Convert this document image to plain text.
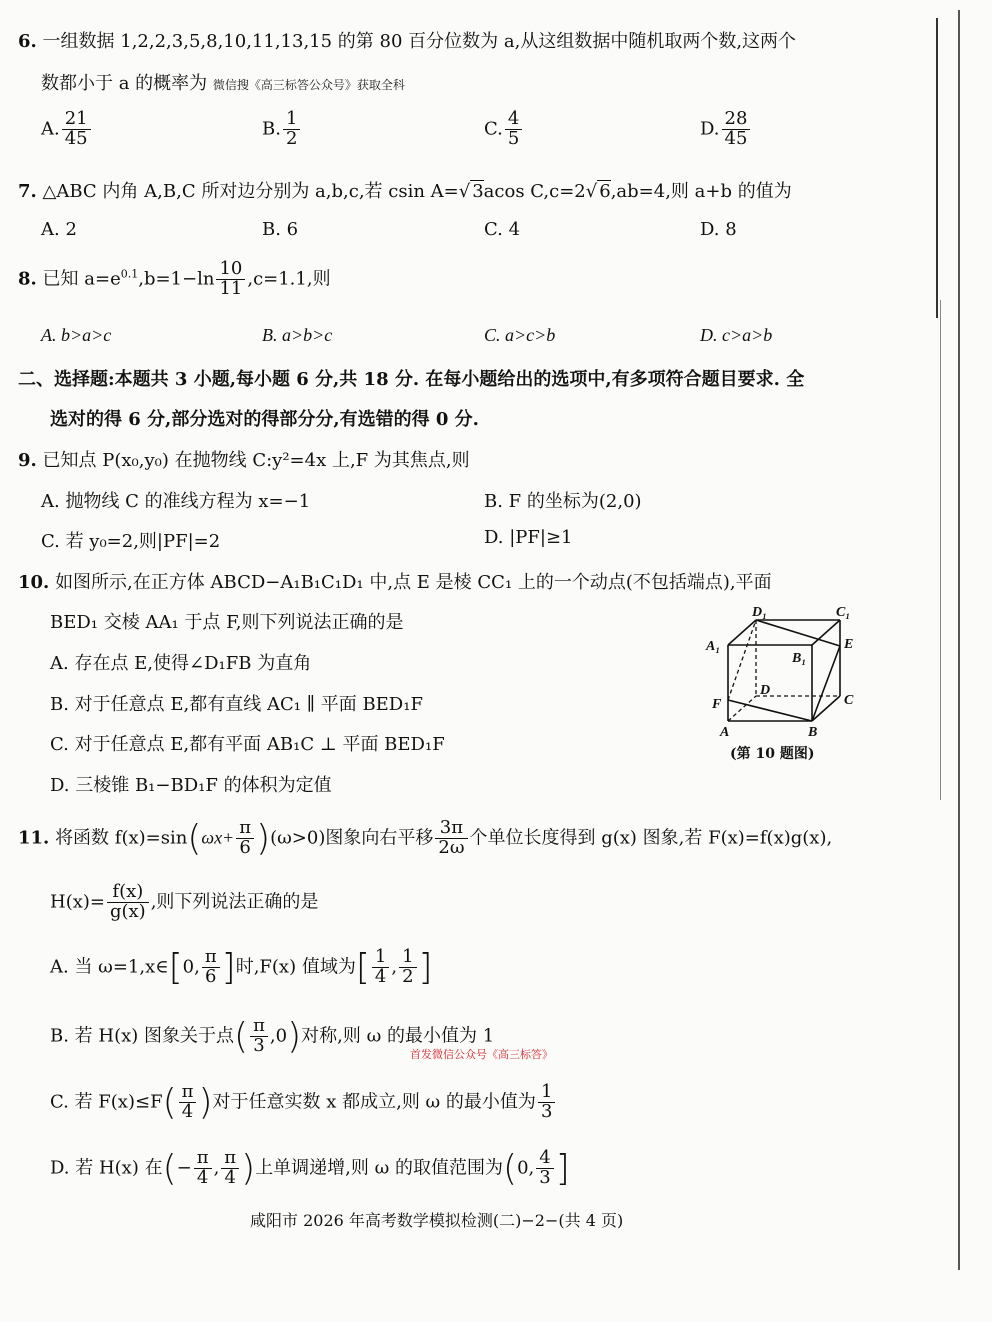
6. 一组数据 1,2,2,3,5,8,10,11,13,15 的第 80 百分位数为 a,从这组数据中随机取两个数,这两个
数都小于 a 的概率为 微信搜《高三标答公众号》获取全科
A. $\frac{21}{45}$	B. $\frac{1}{2}$	C. $\frac{4}{5}$	D. $\frac{28}{45}$
7. △ABC 内角 A,B,C 所对边分别为 a,b,c,若 csin A=√ 3acos C,c=2√ 6,ab=4,则 a+b 的值为
A. 2	B. 6	C. 4	D. 8
8. 已知 $a=e^{0.1},b=1-\ln \frac{10}{11} ,c=1.1$,则
A. b>a>c	B. a>b>c	C. a>c>b	D. c>a>b
二、选择题:本题共 3 小题,每小题 6 分,共 18 分. 在每小题给出的选项中,有多项符合题目要求. 全
选对的得 6 分,部分选对的得部分分,有选错的得 0 分.
9. 已知点 P(x₀,y₀) 在抛物线 C:y²=4x 上,F 为其焦点,则
A. 抛物线 C 的准线方程为 x=−1	B. F 的坐标为(2,0)
C. 若 y₀=2,则|PF|=2	D. |PF|≥1
10. 如图所示,在正方体 ABCD−A₁B₁C₁D₁ 中,点 E 是棱 CC₁ 上的一个动点(不包括端点),平面
BED₁ 交棱 AA₁ 于点 F,则下列说法正确的是
A. 存在点 E,使得∠D₁FB 为直角
B. 对于任意点 E,都有直线 AC₁ ∥ 平面 BED₁F
C. 对于任意点 E,都有平面 AB₁C ⊥ 平面 BED₁F
D. 三棱锥 B₁−BD₁F 的体积为定值
D₁	C₁
A₁
B₁
E
D
C
F
A	B
(第 10 题图)
11. 将函数 $f(x)=\sin(\omega x+ \frac{\pi}{6} )(\omega>0)$图象向右平移 $\frac{3\pi}{2\omega}$ 个单位长度得到 g(x) 图象,若 F(x)=f(x)g(x),
$H(x)= \frac{f(x)}{g(x)}$ ,则下列说法正确的是
A. 当 ω=1,x∈[0, $\frac{\pi}{6}$ ]时,F(x) 值域为[ $\frac{1}{4}$ , $\frac{1}{2}$ ]
B. 若 H(x) 图象关于点( $\frac{\pi}{3} ,0$)对称,则 ω 的最小值为 1
首发微信公众号《高三标答》
C. 若 $F(x)\le F( \frac{\pi}{4}$ )对于任意实数 x 都成立,则 ω 的最小值为 $\frac{1}{3}$
D. 若 H(x) 在(− $\frac{\pi}{4}$ , $\frac{\pi}{4}$ )上单调递增,则 ω 的取值范围为(0, $\frac{4}{3}$ ]
咸阳市 2026 年高考数学模拟检测(二)−2−(共 4 页)
